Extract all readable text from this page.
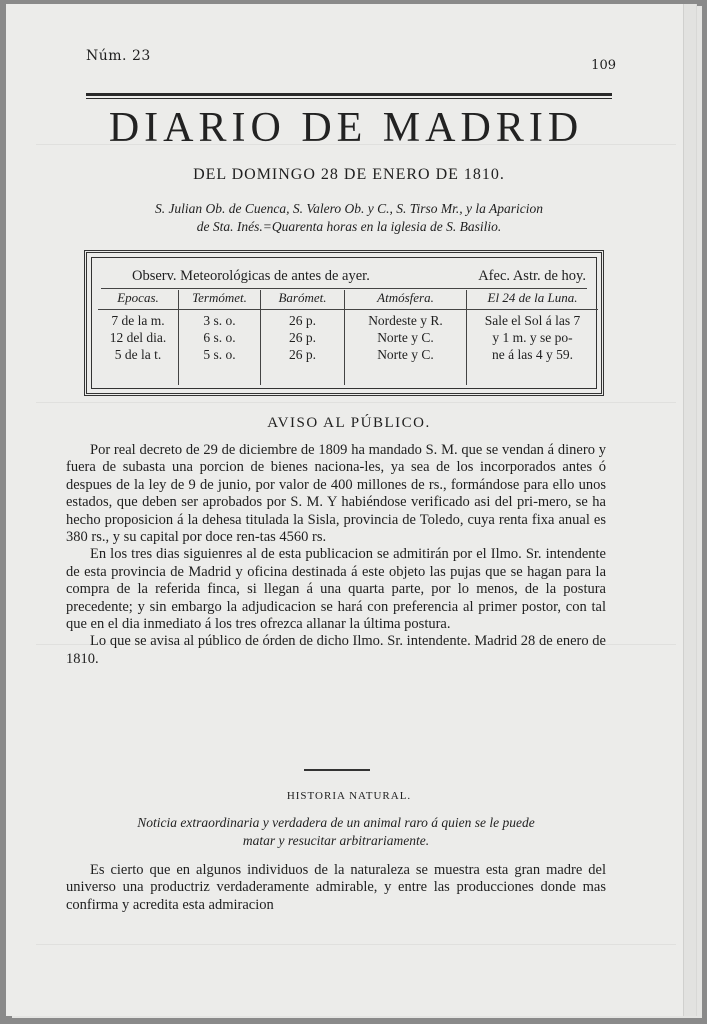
Núm. 23
109
DIARIO DE MADRID
DEL DOMINGO 28 DE ENERO DE 1810.
S. Julian Ob. de Cuenca, S. Valero Ob. y C., S. Tirso Mr., y la Aparicion
de Sta. Inés.=Quarenta horas en la iglesia de S. Basilio.
Observ. Meteorológicas de antes de ayer.	Afec. Astr. de hoy.
Epocas.
7 de la m.
12 del dia.
5 de la t.
Termómet.
3 s. o.
6 s. o.
5 s. o.
Barómet.
26 p.
26 p.
26 p.
Atmósfera.
Nordeste y R.
Norte y C.
Norte y C.
El 24 de la Luna.
Sale el Sol á las 7
y 1 m. y se po-
ne á las 4 y 59.
AVISO AL PÚBLICO.

Por real decreto de 29 de diciembre de 1809 ha mandado S. M. que se vendan á dinero y fuera de subasta una porcion de bienes naciona-les, ya sea de los incorporados antes ó despues de la ley de 9 de junio, por valor de 400 millones de rs., formándose para ello unos estados, que deben ser aprobados por S. M. Y habiéndose verificado asi del pri-mero, se ha hecho proposicion á la dehesa titulada la Sisla, provincia de Toledo, cuya renta fixa anual es 380 rs., y su capital por doce ren-tas 4560 rs.

En los tres dias siguienres al de esta publicacion se admitirán por el Ilmo. Sr. intendente de esta provincia de Madrid y oficina destinada á este objeto las pujas que se hagan para la compra de la referida finca, si llegan á una quarta parte, por lo menos, de la postura precedente; y sin embargo la adjudicacion se hará con preferencia al primer postor, con tal que en el dia inmediato á los tres ofrezca allanar la última postura.

Lo que se avisa al público de órden de dicho Ilmo. Sr. intendente. Madrid 28 de enero de 1810.

HISTORIA NATURAL.
Noticia extraordinaria y verdadera de un animal raro á quien se le puede
matar y resucitar arbitrariamente.

Es cierto que en algunos individuos de la naturaleza se muestra esta gran madre del universo una productriz verdaderamente admirable, y entre las producciones donde mas confirma y acredita esta admiracion
